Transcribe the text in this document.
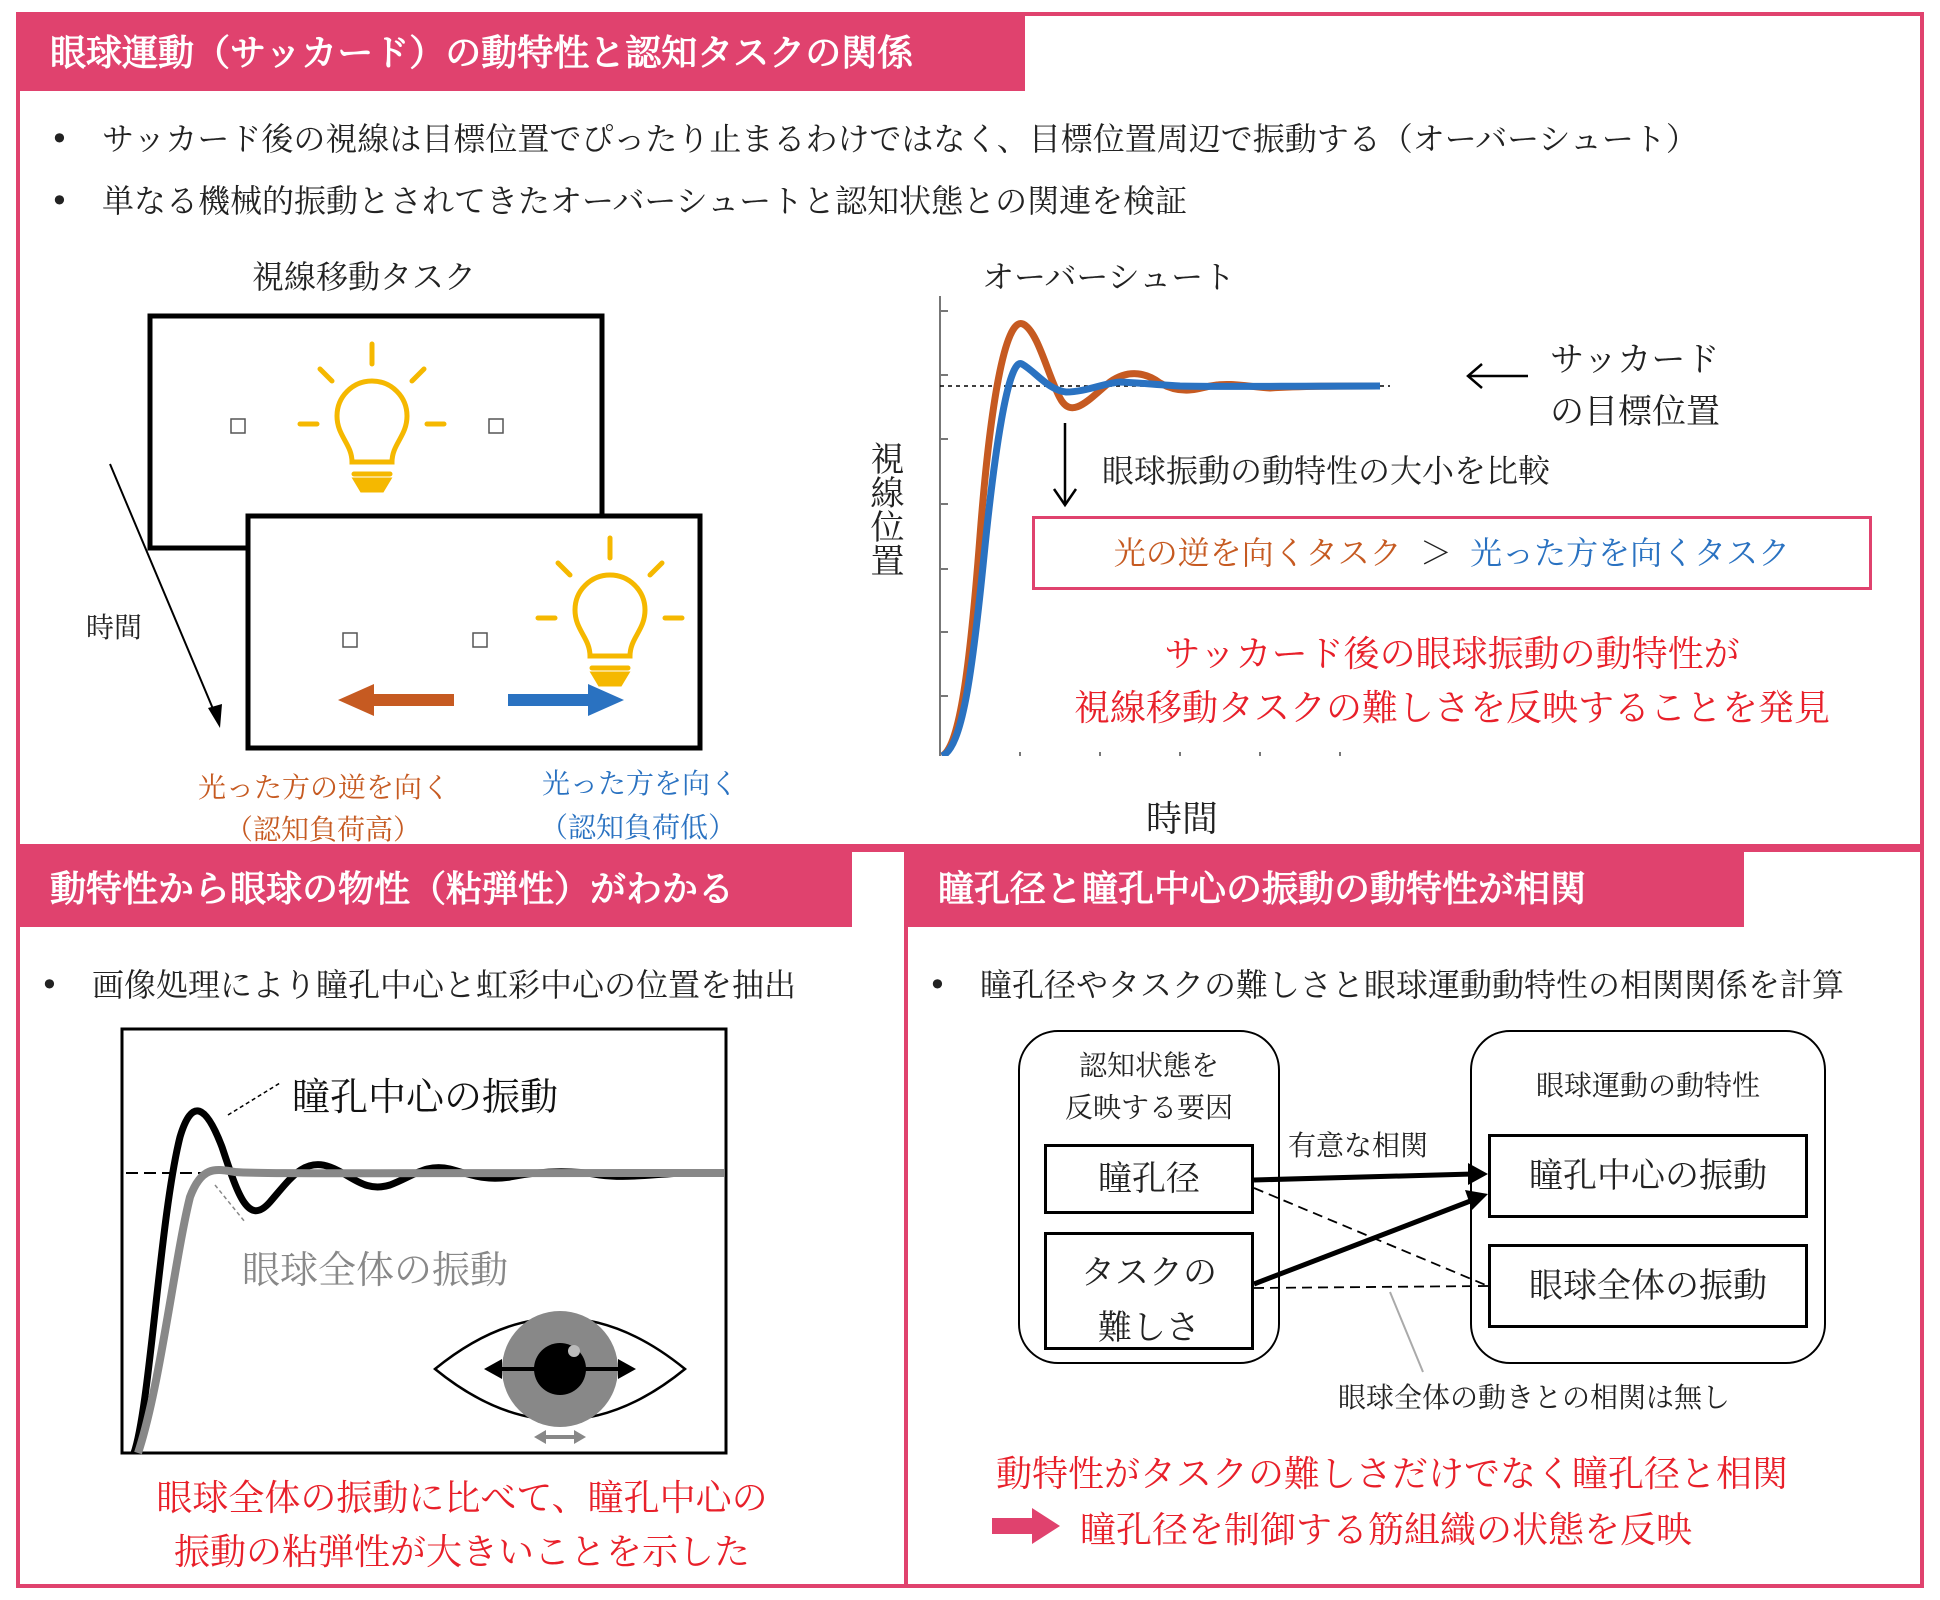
眼球運動（サッカード）の動特性と認知タスクの関係
• サッカード後の視線は目標位置でぴったり止まるわけではなく、目標位置周辺で振動する（オーバーシュート）
• 単なる機械的振動とされてきたオーバーシュートと認知状態との関連を検証
視線移動タスク
時間
光った方の逆を向く
（認知負荷高）
光った方を向く
（認知負荷低）
オーバーシュート
視線位置
時間
サッカード
の目標位置
眼球振動の動特性の大小を比較
光の逆を向くタスク ＞ 光った方を向くタスク
サッカード後の眼球振動の動特性が
視線移動タスクの難しさを反映することを発見
動特性から眼球の物性（粘弾性）がわかる
• 画像処理により瞳孔中心と虹彩中心の位置を抽出
瞳孔中心の振動
眼球全体の振動
眼球全体の振動に比べて、瞳孔中心の
振動の粘弾性が大きいことを示した
瞳孔径と瞳孔中心の振動の動特性が相関
• 瞳孔径やタスクの難しさと眼球運動動特性の相関関係を計算
認知状態を
反映する要因
瞳孔径
タスクの
難しさ
眼球運動の動特性
瞳孔中心の振動
眼球全体の振動
有意な相関
眼球全体の動きとの相関は無し
動特性がタスクの難しさだけでなく瞳孔径と相関
瞳孔径を制御する筋組織の状態を反映
